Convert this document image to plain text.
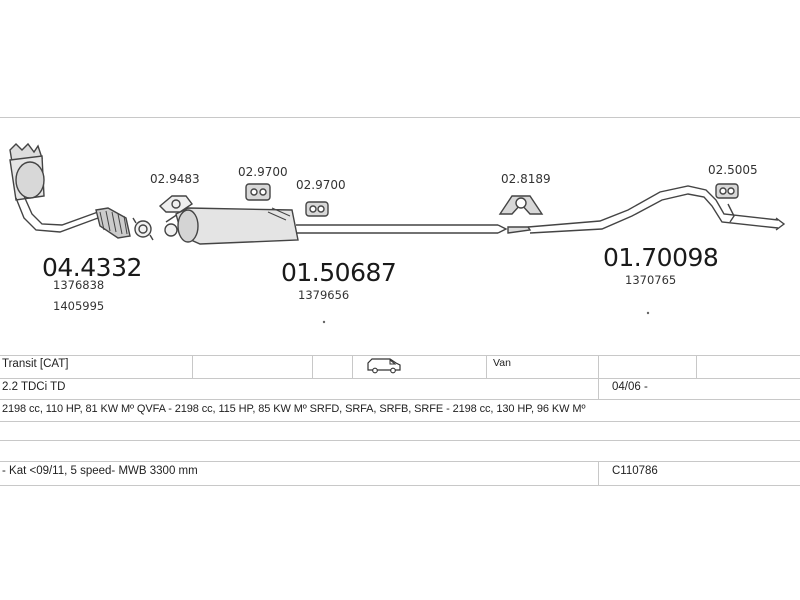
04.4332
1376838
1405995
01.50687
1379656
01.70098
1370765
02.9483	02.9700
02.9700	02.8189
02.5005
Transit [CAT]	Van
2.2 TDCi TD	04/06 -
2198 cc, 110 HP, 81 KW Mº QVFA - 2198 cc, 115 HP, 85 KW Mº SRFD, SRFA, SRFB, SRFE - 2198 cc, 130 HP, 96 KW Mº
- Kat <09/11, 5 speed- MWB 3300 mm	C110786
